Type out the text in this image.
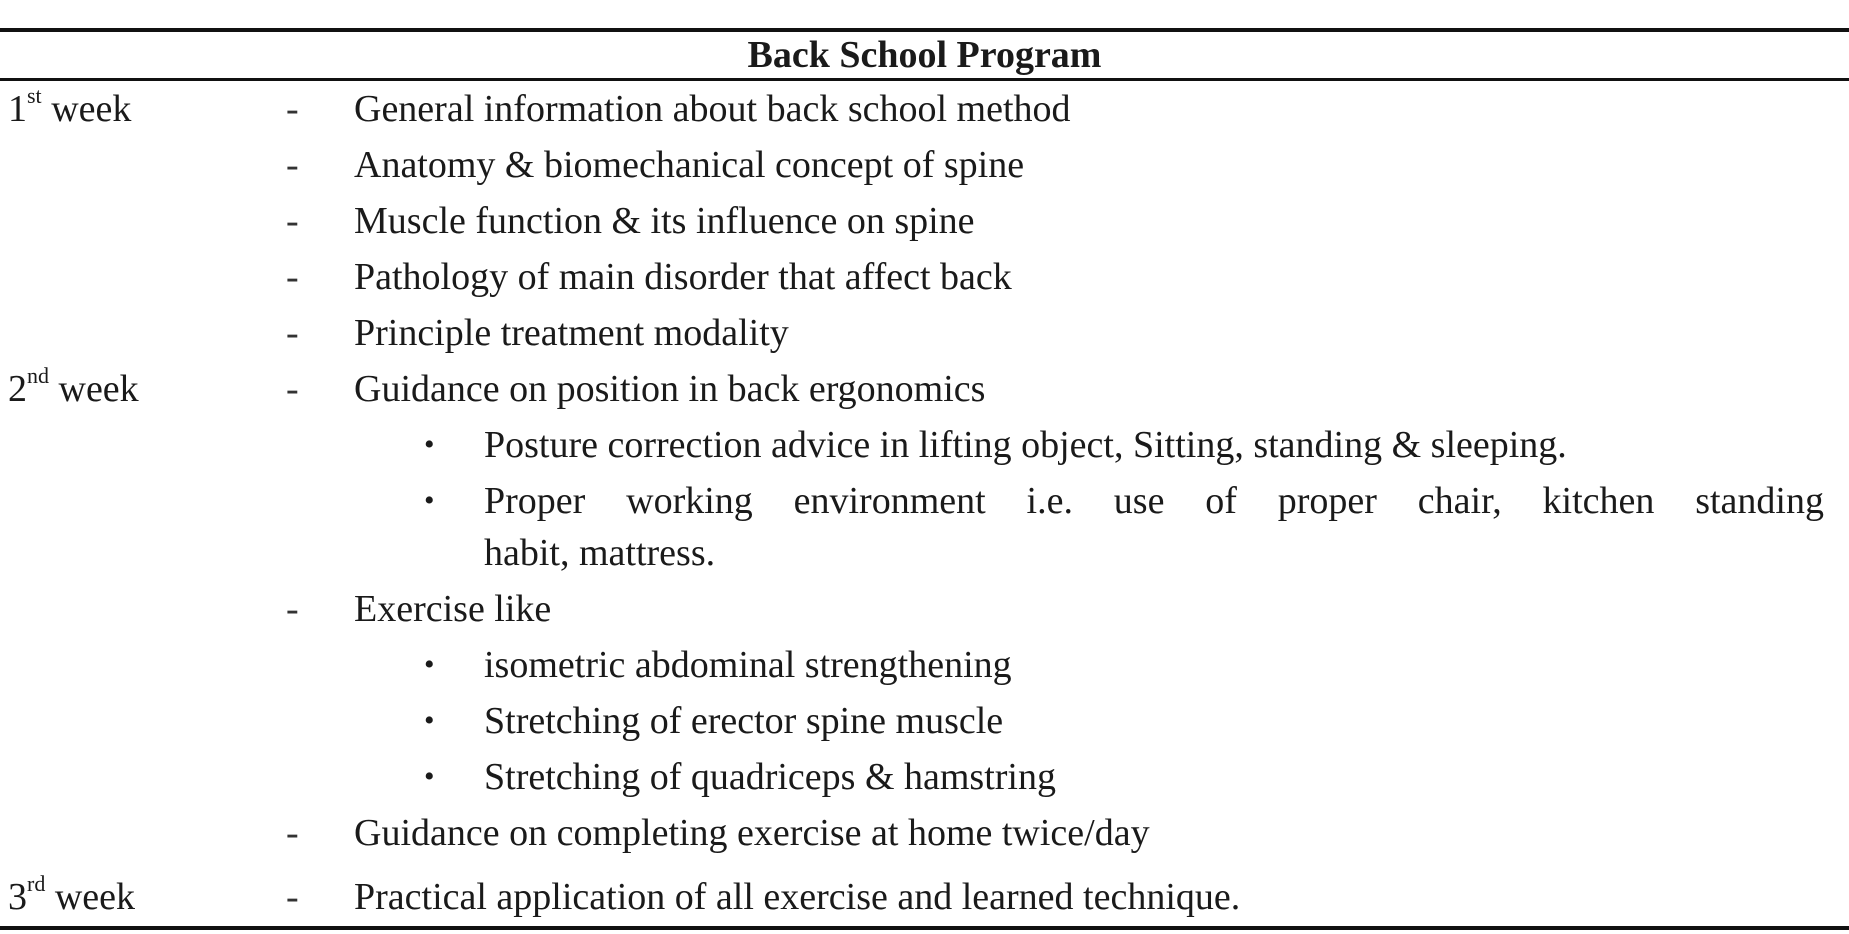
Back School Program
1st week	- General information about back school method
- Anatomy & biomechanical concept of spine
- Muscle function & its influence on spine
- Pathology of main disorder that affect back
- Principle treatment modality
2nd week	- Guidance on position in back ergonomics
• Posture correction advice in lifting object, Sitting, standing & sleeping.
• Proper working environment i.e. use of proper chair, kitchen standing
habit, mattress.
- Exercise like
• isometric abdominal strengthening
• Stretching of erector spine muscle
• Stretching of quadriceps & hamstring
- Guidance on completing exercise at home twice/day
3rd week	- Practical application of all exercise and learned technique.
